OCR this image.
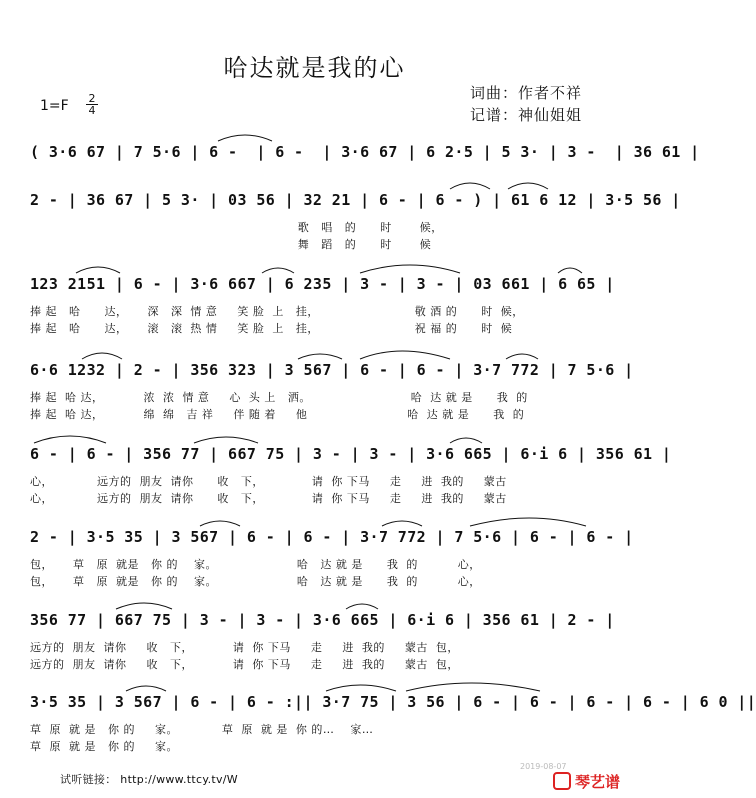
哈达就是我的心
词曲：作者不祥
记谱：神仙姐姐
1=F 2
4
( 3·6 67 | 7 5·6 | 6 -  | 6 -  | 3·6 67 | 6 2·5 | 5 3· | 3 -  | 36 61 |
2 - | 36 67 | 5 3· | 03 56 | 32 21 | 6 - | 6 - ) | 61 6 12 | 3·5 56 |
歌   唱   的      时       候，
舞   蹈   的      时       候
123 2151 | 6 - | 3·6 667 | 6 235 | 3 - | 3 - | 03 661 | 6 65 |
捧 起   哈      达，     深   深  情 意     笑 脸  上   挂，                        敬 酒 的      时  候，
捧 起   哈      达，     滚   滚  热 情     笑 脸  上   挂，                        祝 福 的      时  候
6·6 1232 | 2 - | 356 323 | 3 567 | 6 - | 6 - | 3·7 772 | 7 5·6 |
捧 起  哈 达，          浓  浓  情 意     心  头 上   洒。                         哈  达 就 是      我  的
捧 起  哈 达，          绵  绵   吉 祥     伴 随 着     他                         哈  达 就 是      我  的
6 - | 6 - | 356 77 | 667 75 | 3 - | 3 - | 3·6 665 | 6·i 6 | 356 61 |
心，           远方的  朋友  请你      收   下，            请  你 下马     走     进  我的     蒙古
心，           远方的  朋友  请你      收   下，            请  你 下马     走     进  我的     蒙古
2 - | 3·5 35 | 3 567 | 6 - | 6 - | 3·7 772 | 7 5·6 | 6 - | 6 - |
包，     草   原  就是   你 的    家。                    哈   达 就 是      我  的          心，
包，     草   原  就是   你 的    家。                    哈   达 就 是      我  的          心，
356 77 | 667 75 | 3 - | 3 - | 3·6 665 | 6·i 6 | 356 61 | 2 - |
远方的  朋友  请你     收   下，          请  你 下马     走     进  我的     蒙古  包，
远方的  朋友  请你     收   下，          请  你 下马     走     进  我的     蒙古  包，
3·5 35 | 3 567 | 6 - | 6 - :|| 3·7 75 | 3 56 | 6 - | 6 - | 6 - | 6 - | 6 0 ||
草  原  就 是   你 的     家。           草  原  就 是  你 的…    家…
草  原  就 是   你 的     家。
试听链接： http://www.ttcy.tv/W
2019-08-07
琴艺谱
